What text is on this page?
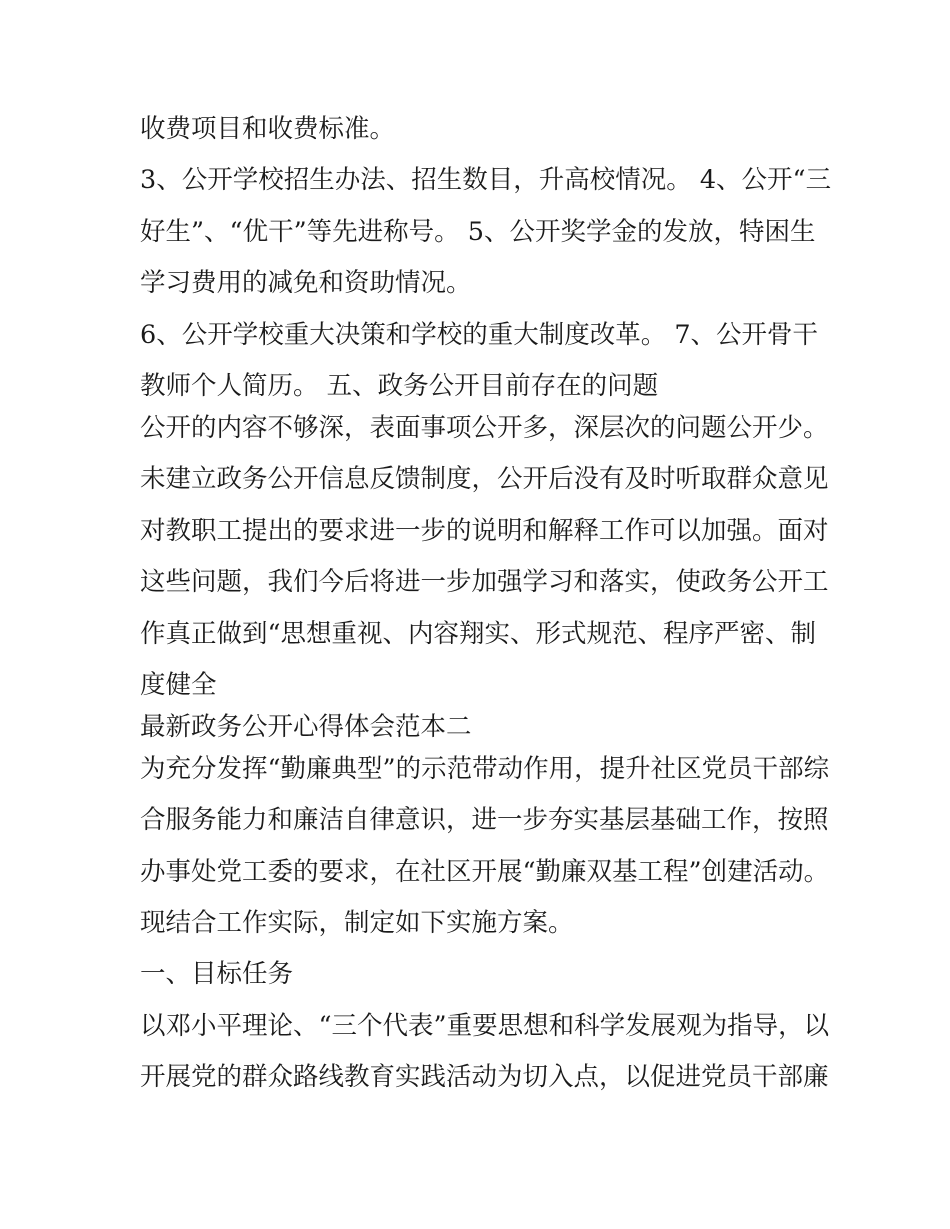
收费项目和收费标准。
3、公开学校招生办法、招生数目，升高校情况。 4、公开“三
好生”、“优干”等先进称号。 5、公开奖学金的发放，特困生
学习费用的减免和资助情况。
6、公开学校重大决策和学校的重大制度改革。 7、公开骨干
教师个人简历。 五、政务公开目前存在的问题
公开的内容不够深，表面事项公开多，深层次的问题公开少。
未建立政务公开信息反馈制度，公开后没有及时听取群众意见
对教职工提出的要求进一步的说明和解释工作可以加强。面对
这些问题，我们今后将进一步加强学习和落实，使政务公开工
作真正做到“思想重视、内容翔实、形式规范、程序严密、制
度健全
最新政务公开心得体会范本二
为充分发挥“勤廉典型”的示范带动作用，提升社区党员干部综
合服务能力和廉洁自律意识，进一步夯实基层基础工作，按照
办事处党工委的要求，在社区开展“勤廉双基工程”创建活动。
现结合工作实际，制定如下实施方案。
一、目标任务
以邓小平理论、“三个代表”重要思想和科学发展观为指导，以
开展党的群众路线教育实践活动为切入点，以促进党员干部廉
